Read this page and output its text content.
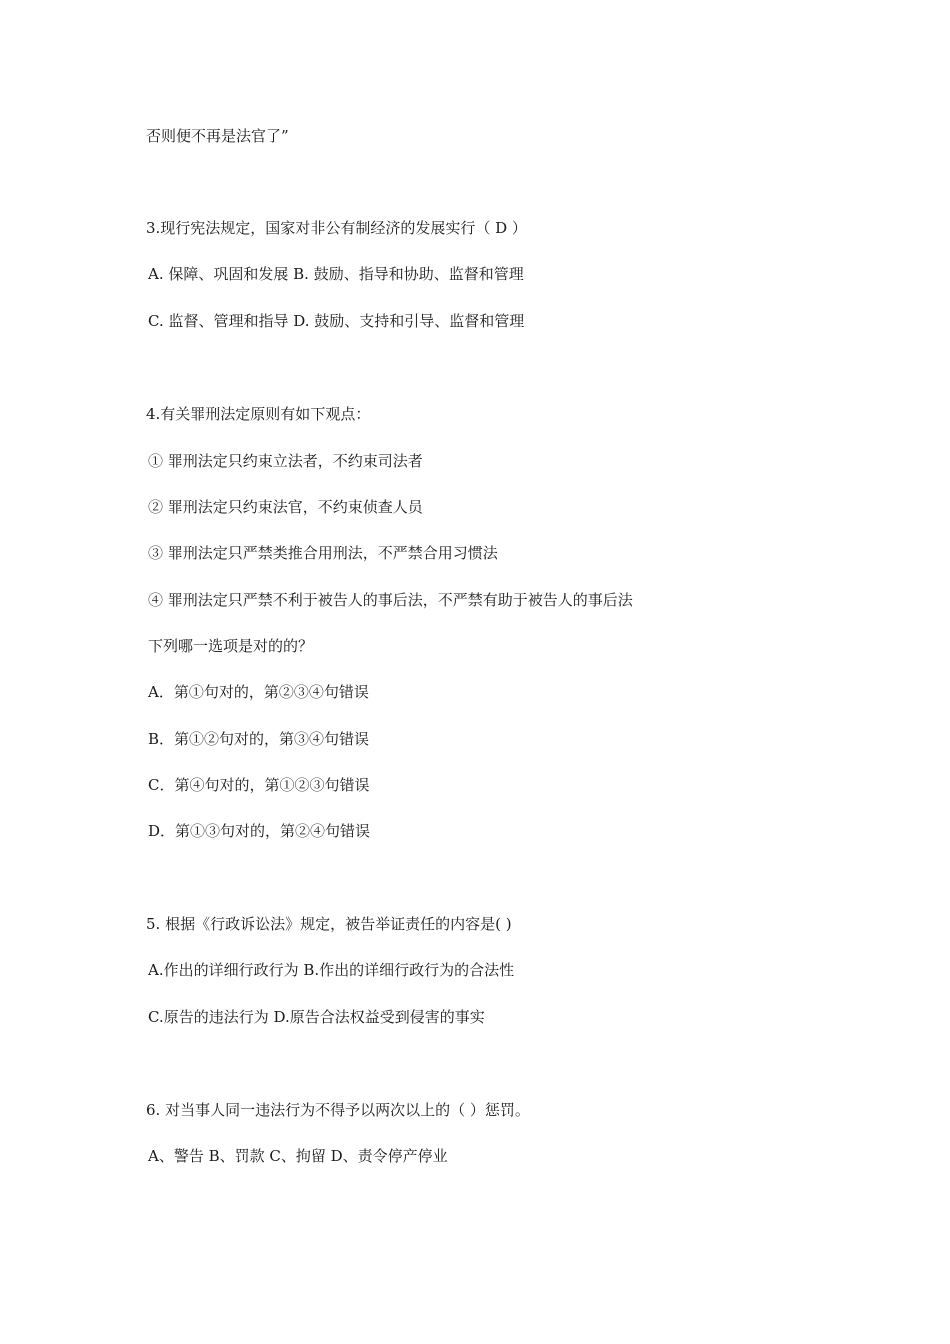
否则便不再是法官了”
3.现行宪法规定，国家对非公有制经济的发展实行（ D ）
A. 保障、巩固和发展 B. 鼓励、指导和协助、监督和管理
C. 监督、管理和指导 D. 鼓励、支持和引导、监督和管理
4.有关罪刑法定原则有如下观点：
① 罪刑法定只约束立法者，不约束司法者
② 罪刑法定只约束法官，不约束侦查人员
③ 罪刑法定只严禁类推合用刑法，不严禁合用习惯法
④ 罪刑法定只严禁不利于被告人的事后法，不严禁有助于被告人的事后法
下列哪一选项是对的的？
A．第①句对的，第②③④句错误
B．第①②句对的，第③④句错误
C．第④句对的，第①②③句错误
D．第①③句对的，第②④句错误
5. 根据《行政诉讼法》规定，被告举证责任的内容是( )
A.作出的详细行政行为 B.作出的详细行政行为的合法性
C.原告的违法行为 D.原告合法权益受到侵害的事实
6. 对当事人同一违法行为不得予以两次以上的（ ）惩罚。
A、警告 B、罚款 C、拘留 D、责令停产停业
